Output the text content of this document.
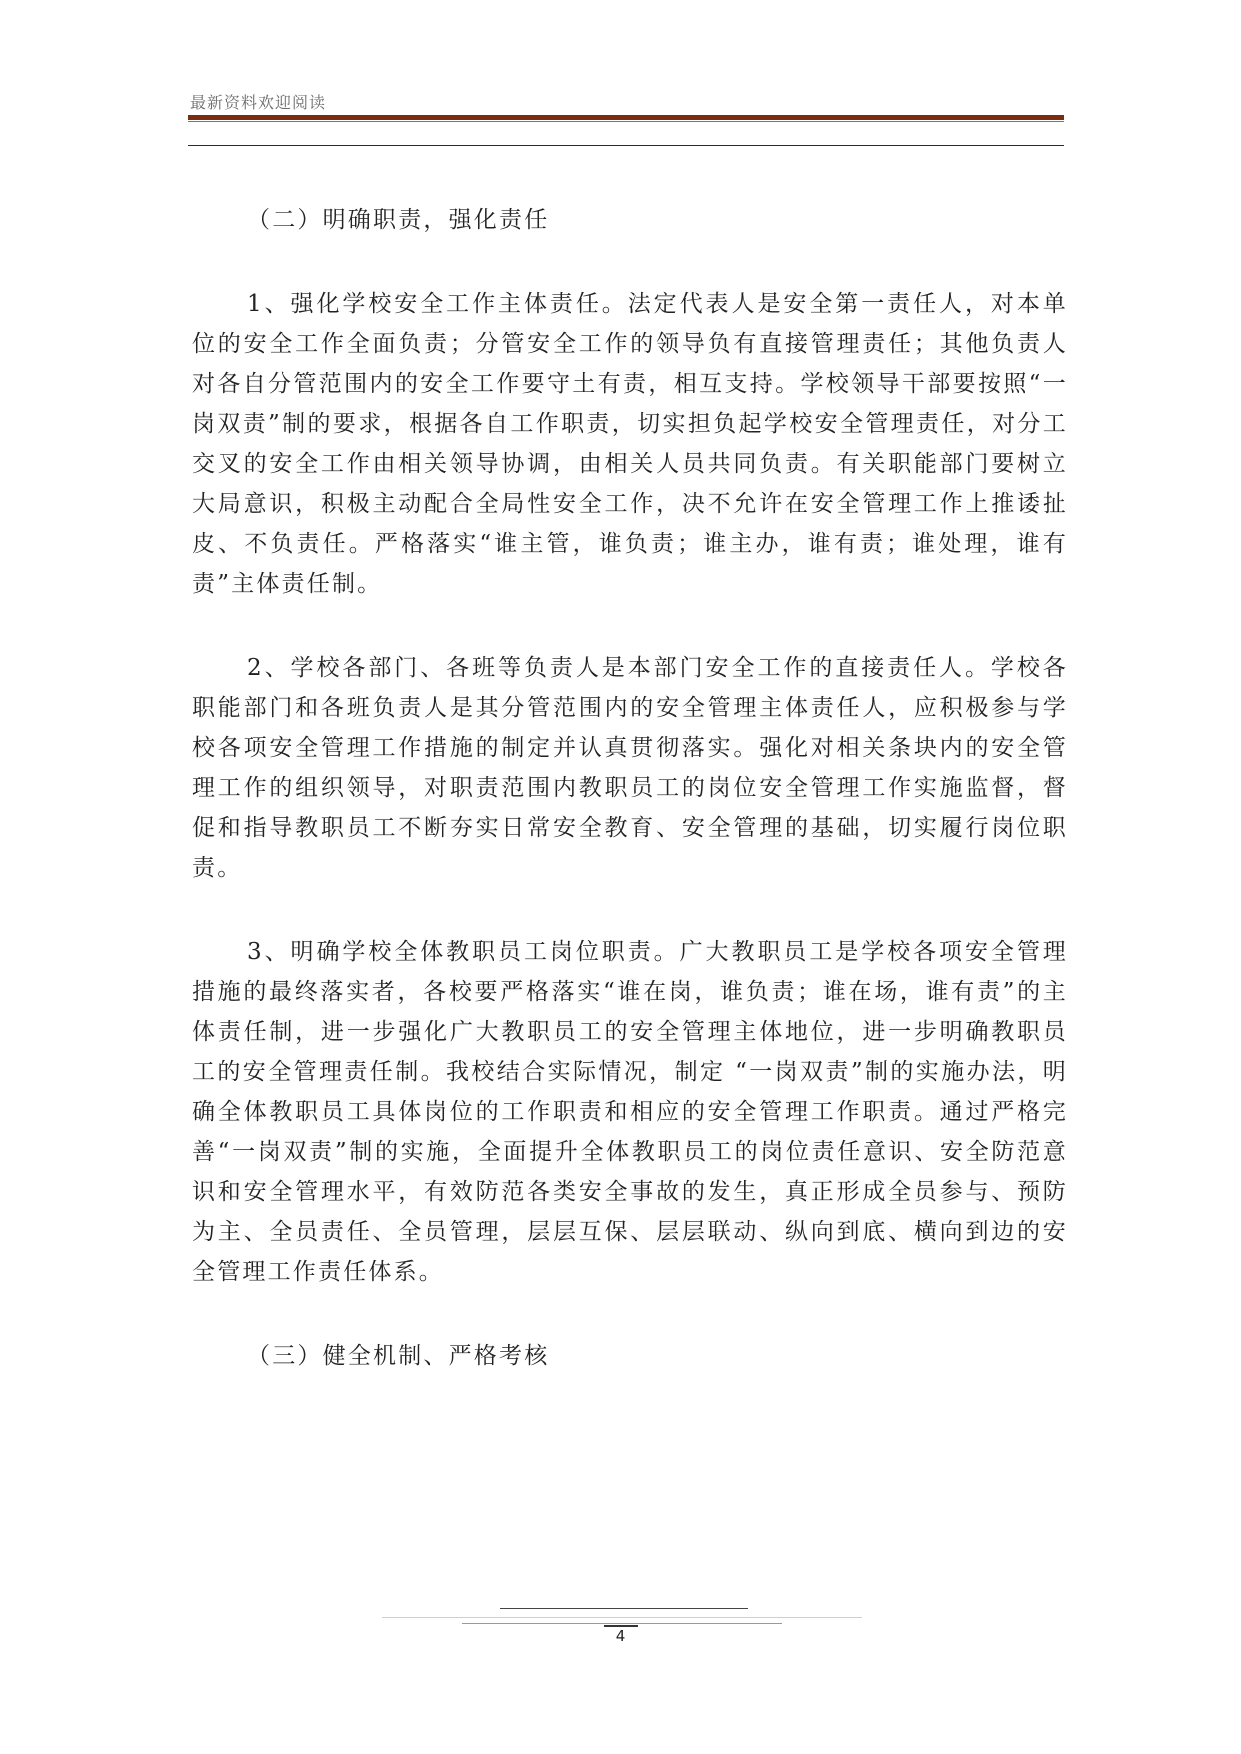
最新资料欢迎阅读

（二）明确职责，强化责任

1、强化学校安全工作主体责任。法定代表人是安全第一责任人，对本单位的安全工作全面负责；分管安全工作的领导负有直接管理责任；其他负责人对各自分管范围内的安全工作要守土有责，相互支持。学校领导干部要按照“一岗双责”制的要求，根据各自工作职责，切实担负起学校安全管理责任，对分工交叉的安全工作由相关领导协调，由相关人员共同负责。有关职能部门要树立大局意识，积极主动配合全局性安全工作，决不允许在安全管理工作上推诿扯皮、不负责任。严格落实“谁主管，谁负责；谁主办，谁有责；谁处理，谁有责”主体责任制。

2、学校各部门、各班等负责人是本部门安全工作的直接责任人。学校各职能部门和各班负责人是其分管范围内的安全管理主体责任人，应积极参与学校各项安全管理工作措施的制定并认真贯彻落实。强化对相关条块内的安全管理工作的组织领导，对职责范围内教职员工的岗位安全管理工作实施监督，督促和指导教职员工不断夯实日常安全教育、安全管理的基础，切实履行岗位职责。

3、明确学校全体教职员工岗位职责。广大教职员工是学校各项安全管理措施的最终落实者，各校要严格落实“谁在岗，谁负责；谁在场，谁有责”的主体责任制，进一步强化广大教职员工的安全管理主体地位，进一步明确教职员工的安全管理责任制。我校结合实际情况，制定 “一岗双责”制的实施办法，明确全体教职员工具体岗位的工作职责和相应的安全管理工作职责。通过严格完善“一岗双责”制的实施，全面提升全体教职员工的岗位责任意识、安全防范意识和安全管理水平，有效防范各类安全事故的发生，真正形成全员参与、预防为主、全员责任、全员管理，层层互保、层层联动、纵向到底、横向到边的安全管理工作责任体系。

（三）健全机制、严格考核

4
